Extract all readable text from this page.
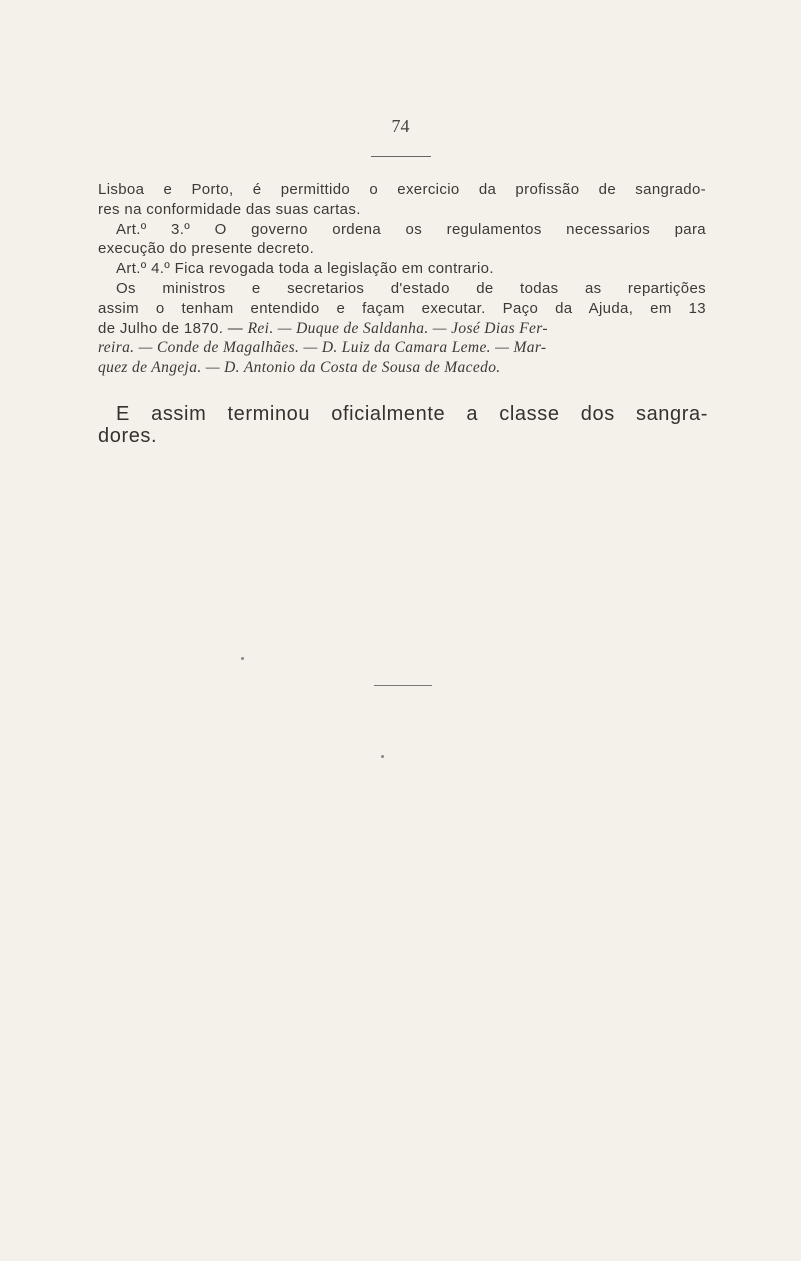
74
Lisboa e Porto, é permittido o exercicio da profissão de sangrado-
res na conformidade das suas cartas.
Art.º 3.º O governo ordena os regulamentos necessarios para
execução do presente decreto.
Art.º 4.º Fica revogada toda a legislação em contrario.
Os ministros e secretarios d'estado de todas as repartições
assim o tenham entendido e façam executar. Paço da Ajuda, em 13
de Julho de 1870. — Rei. — Duque de Saldanha. — José Dias Fer-
reira. — Conde de Magalhães. — D. Luiz da Camara Leme. — Mar-
quez de Angeja. — D. Antonio da Costa de Sousa de Macedo.
E assim terminou oficialmente a classe dos sangra-
dores.
